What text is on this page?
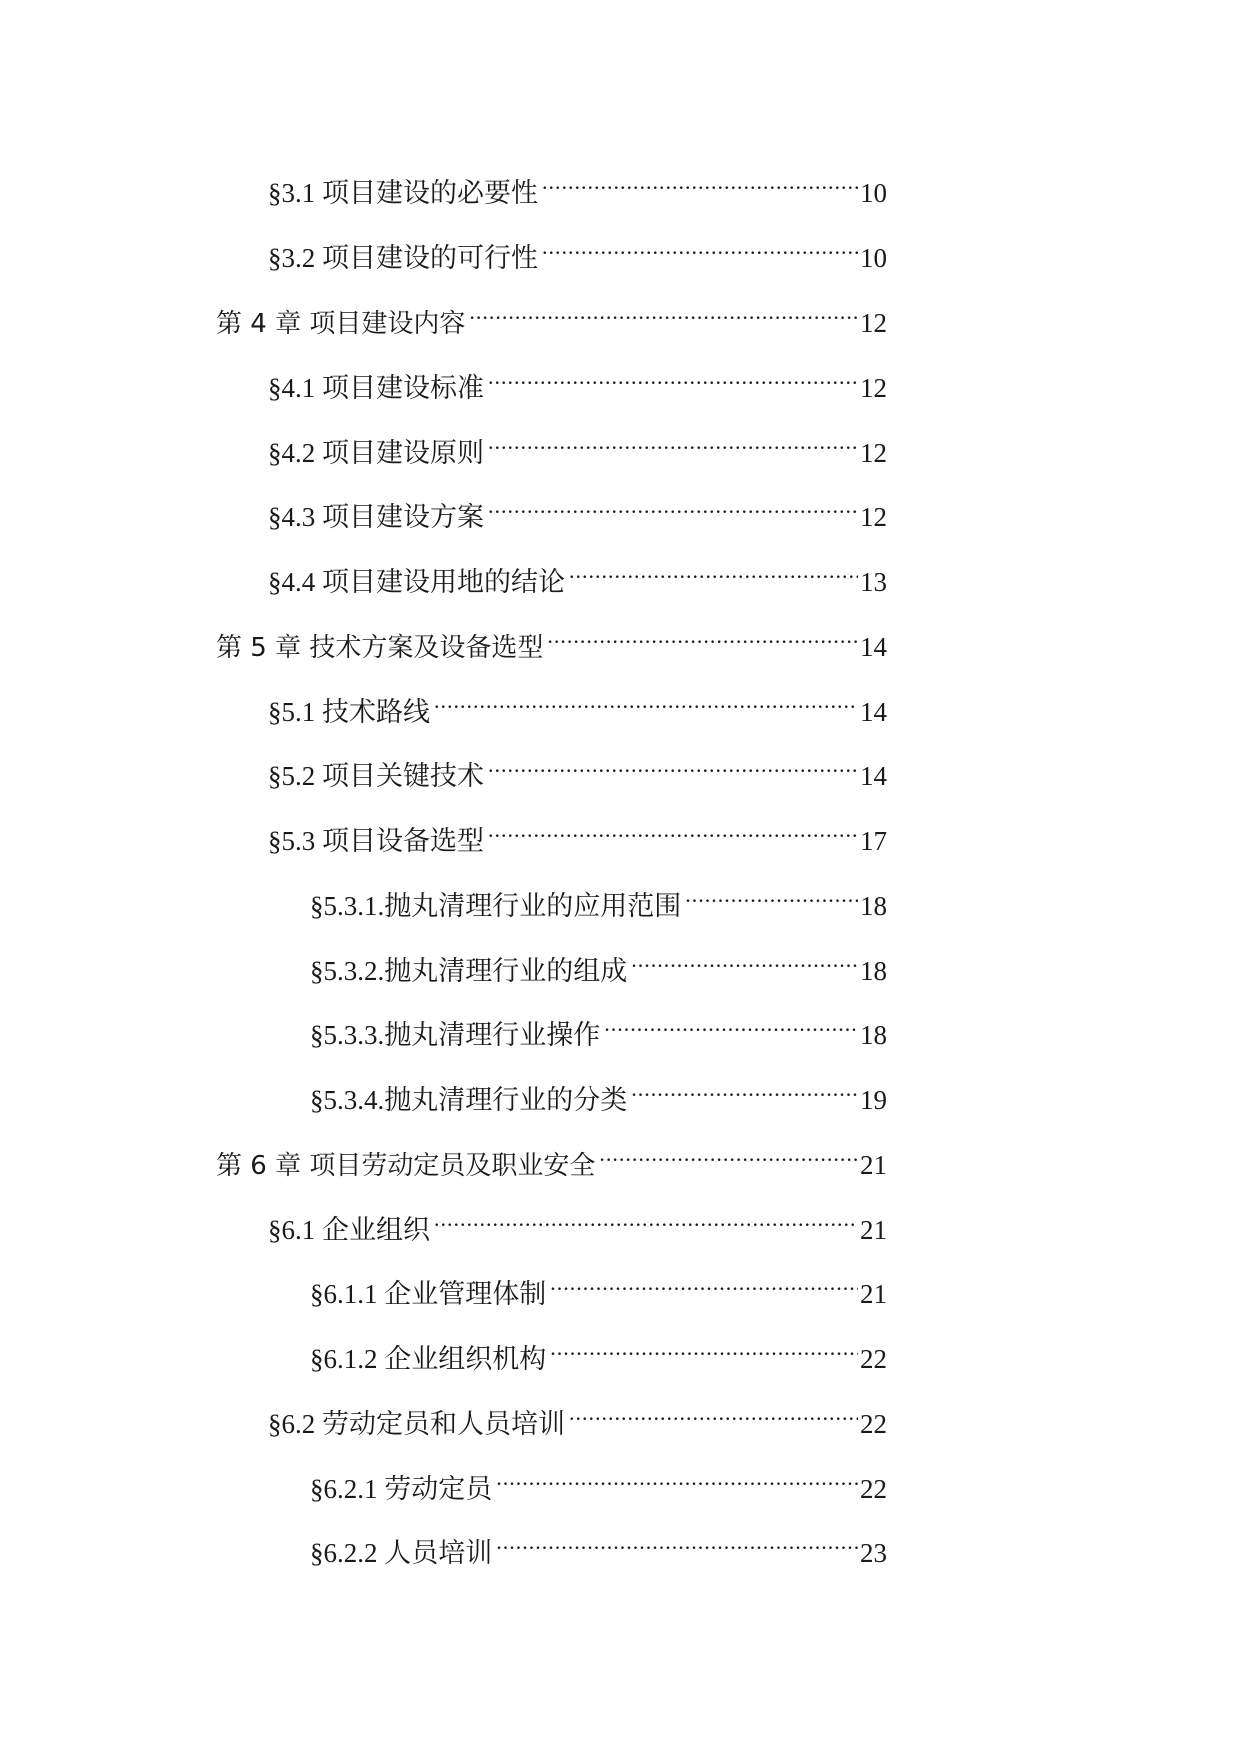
§3.1 项目建设的必要性 .....	10
§3.2 项目建设的可行性 .....	10
第 4 章 项目建设内容 .....	12
§4.1 项目建设标准 .....	12
§4.2 项目建设原则 .....	12
§4.3 项目建设方案 .....	12
§4.4 项目建设用地的结论 .....	13
第 5 章 技术方案及设备选型 .....	14
§5.1 技术路线 .....	14
§5.2 项目关键技术 .....	14
§5.3 项目设备选型 .....	17
§5.3.1.抛丸清理行业的应用范围 .....	18
§5.3.2.抛丸清理行业的组成 .....	18
§5.3.3.抛丸清理行业操作 .....	18
§5.3.4.抛丸清理行业的分类 .....	19
第 6 章 项目劳动定员及职业安全 .....	21
§6.1 企业组织 .....	21
§6.1.1 企业管理体制 .....	21
§6.1.2 企业组织机构 .....	22
§6.2 劳动定员和人员培训 .....	22
§6.2.1 劳动定员 .....	22
§6.2.2 人员培训 .....	23
